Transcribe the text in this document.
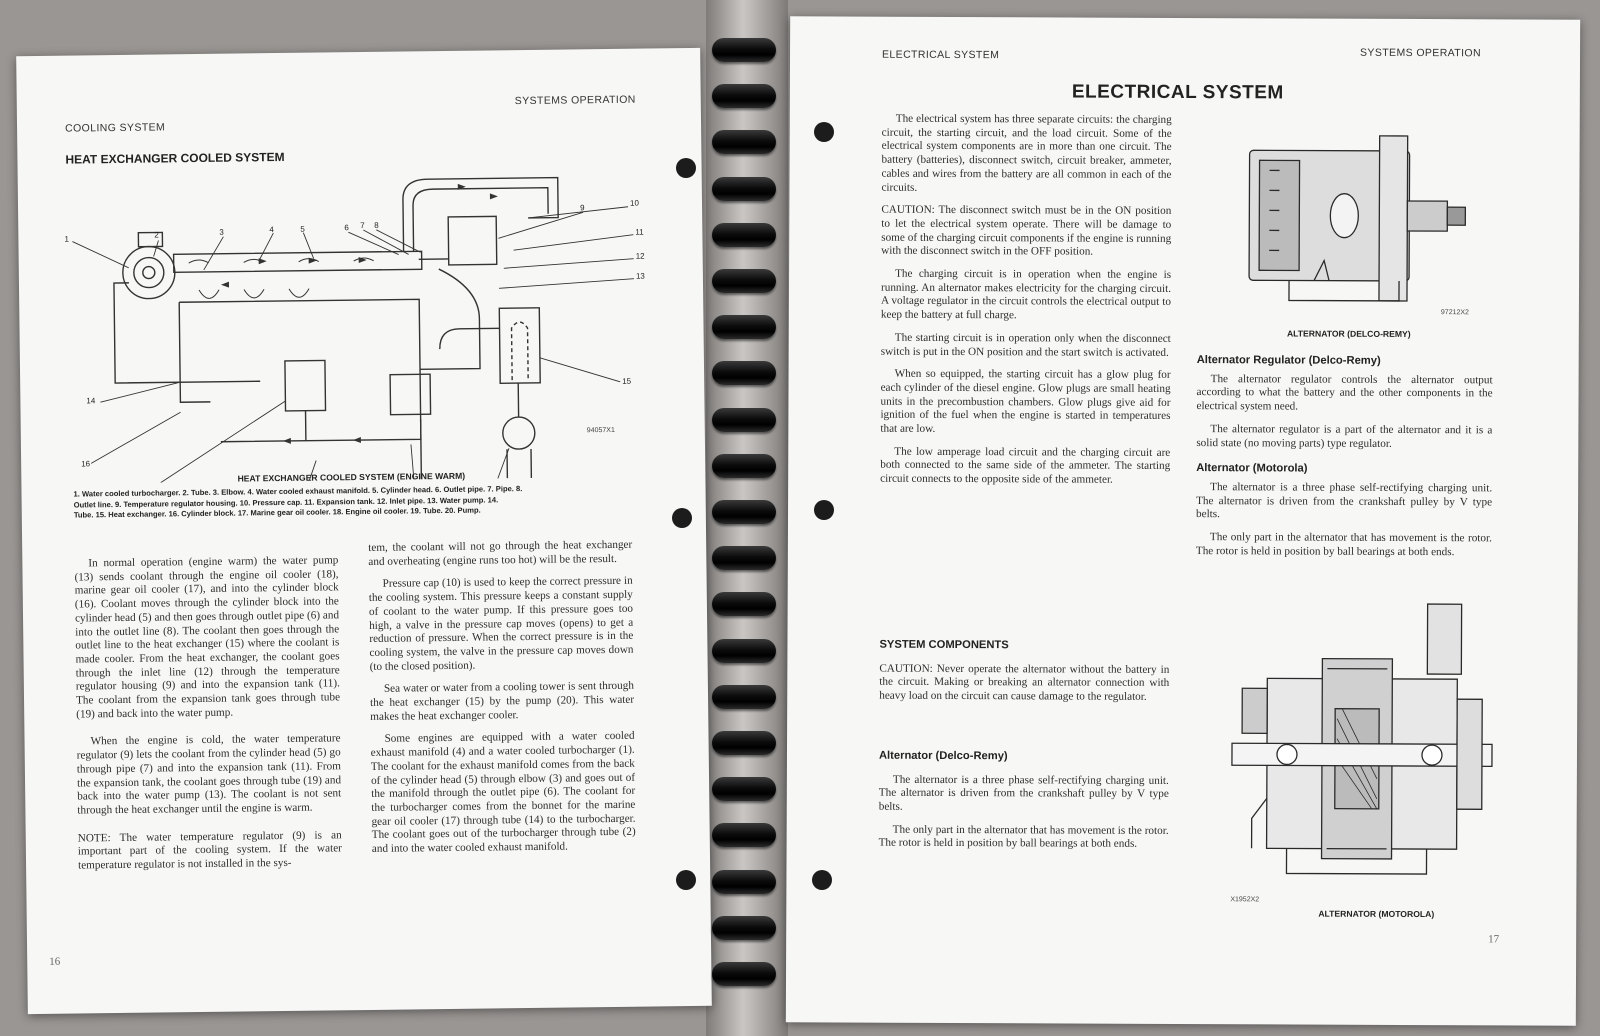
COOLING SYSTEM
SYSTEMS OPERATION
HEAT EXCHANGER COOLED SYSTEM
1	2	3	4	5	6 7 8
9
10
11
12
13
14
15
16
94057X1
HEAT EXCHANGER COOLED SYSTEM (ENGINE WARM)
1. Water cooled turbocharger. 2. Tube. 3. Elbow. 4. Water cooled exhaust manifold. 5. Cylinder head. 6. Outlet pipe. 7. Pipe. 8.
Outlet line. 9. Temperature regulator housing. 10. Pressure cap. 11. Expansion tank. 12. Inlet pipe. 13. Water pump. 14.
Tube. 15. Heat exchanger. 16. Cylinder block. 17. Marine gear oil cooler. 18. Engine oil cooler. 19. Tube. 20. Pump.

In normal operation (engine warm) the water pump (13) sends coolant through the engine oil cooler (18), marine gear oil cooler (17), and into the cylinder block (16). Coolant moves through the cylinder block into the cylinder head (5) and then goes through outlet pipe (6) and into the outlet line (8). The coolant then goes through the outlet line to the heat exchanger (15) where the coolant is made cooler. From the heat exchanger, the coolant goes through the inlet line (12) through the temperature regulator housing (9) and into the expansion tank (11). The coolant from the expansion tank goes through tube (19) and back into the water pump.

When the engine is cold, the water temperature regulator (9) lets the coolant from the cylinder head (5) go through pipe (7) and into the expansion tank (11). From the expansion tank, the coolant goes through tube (19) and back into the water pump (13). The coolant is not sent through the heat exchanger until the engine is warm.

NOTE: The water temperature regulator (9) is an important part of the cooling system. If the water temperature regulator is not installed in the sys-

tem, the coolant will not go through the heat exchanger and overheating (engine runs too hot) will be the result.

Pressure cap (10) is used to keep the correct pressure in the cooling system. This pressure keeps a constant supply of coolant to the water pump. If this pressure goes too high, a valve in the pressure cap moves (opens) to get a reduction of pressure. When the correct pressure is in the cooling system, the valve in the pressure cap moves down (to the closed position).

Sea water or water from a cooling tower is sent through the heat exchanger (15) by the pump (20). This water makes the heat exchanger cooler.

Some engines are equipped with a water cooled exhaust manifold (4) and a water cooled turbocharger (1). The coolant for the exhaust manifold comes from the back of the cylinder head (5) through elbow (3) and goes out of the manifold through the outlet pipe (6). The coolant for the turbocharger comes from the bonnet for the marine gear oil cooler (17) through tube (14) to the turbocharger. The coolant goes out of the turbocharger through tube (2) and into the water cooled exhaust manifold.

16
ELECTRICAL SYSTEM	SYSTEMS OPERATION
ELECTRICAL SYSTEM

The electrical system has three separate circuits: the charging circuit, the starting circuit, and the load circuit. Some of the electrical system components are in more than one circuit. The battery (batteries), disconnect switch, circuit breaker, ammeter, cables and wires from the battery are all common in each of the circuits.

CAUTION: The disconnect switch must be in the ON position to let the electrical system operate. There will be damage to some of the charging circuit components if the engine is running with the disconnect switch in the OFF position.

The charging circuit is in operation when the engine is running. An alternator makes electricity for the charging circuit. A voltage regulator in the circuit controls the electrical output to keep the battery at full charge.

The starting circuit is in operation only when the disconnect switch is put in the ON position and the start switch is activated.

When so equipped, the starting circuit has a glow plug for each cylinder of the diesel engine. Glow plugs are small heating units in the precombustion chambers. Glow plugs give aid for ignition of the fuel when the engine is started in temperatures that are low.

The low amperage load circuit and the charging circuit are both connected to the same side of the ammeter. The starting circuit connects to the opposite side of the ammeter.

SYSTEM COMPONENTS

CAUTION: Never operate the alternator without the battery in the circuit. Making or breaking an alternator connection with heavy load on the circuit can cause damage to the regulator.

Alternator (Delco-Remy)

The alternator is a three phase self-rectifying charging unit. The alternator is driven from the crankshaft pulley by V type belts.

The only part in the alternator that has movement is the rotor. The rotor is held in position by ball bearings at both ends.

97212X2
ALTERNATOR (DELCO-REMY)
Alternator Regulator (Delco-Remy)

The alternator regulator controls the alternator output according to what the battery and the other components in the electrical system need.

The alternator regulator is a part of the alternator and it is a solid state (no moving parts) type regulator.

Alternator (Motorola)

The alternator is a three phase self-rectifying charging unit. The alternator is driven from the crankshaft pulley by V type belts.

The only part in the alternator that has movement is the rotor. The rotor is held in position by ball bearings at both ends.

X1952X2
ALTERNATOR (MOTOROLA)
17
